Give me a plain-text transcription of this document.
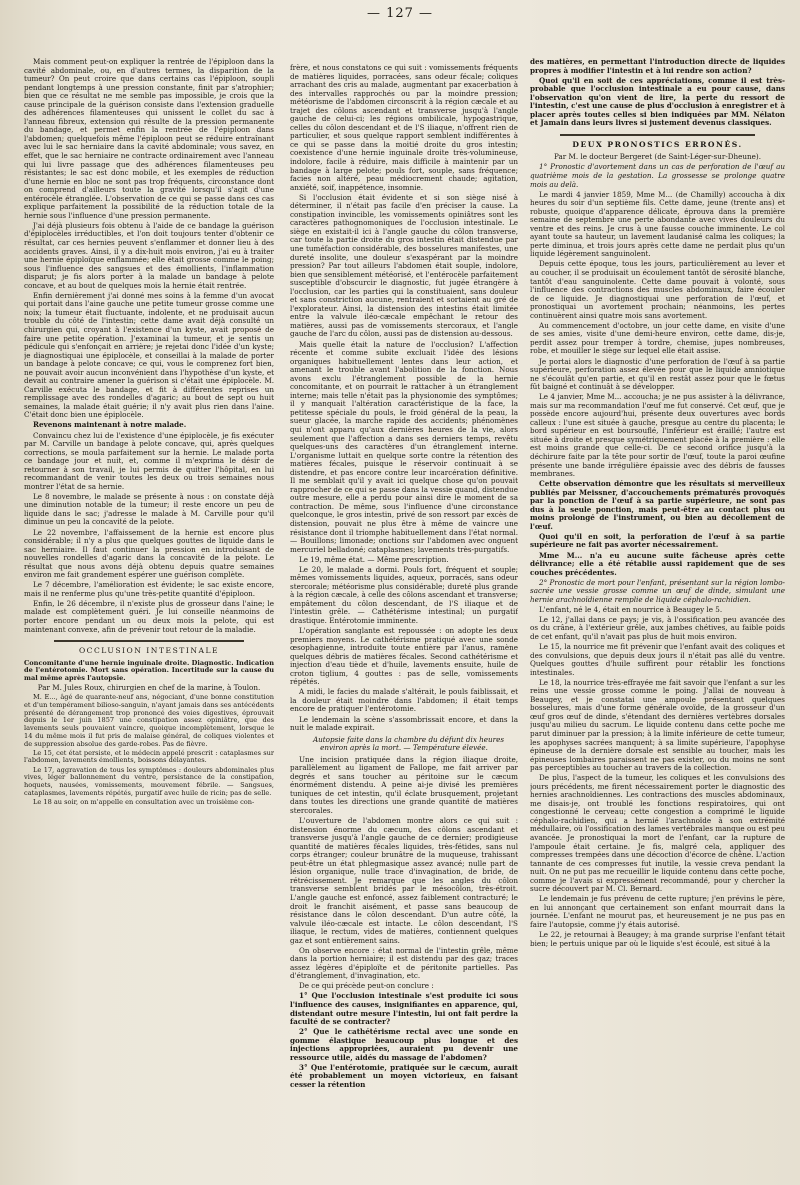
— 127 —

Mais comment peut-on expliquer la rentrée de l'épiploon dans la cavité abdominale, ou, en d'autres termes, la disparition de la tumeur? On peut croire que dans certains cas l'épiploon, soupli pendant longtemps à une pression constante, finit par s'atrophier; bien que ce résultat ne me semble pas impossible, je crois que la cause principale de la guérison consiste dans l'extension graduelle des adhérences filamenteuses qui unissent le collet du sac à l'anneau fibreux, extension qui résulte de la pression permanente du bandage, et permet enfin la rentrée de l'épiploon dans l'abdomen; quelquefois même l'épiploon peut se réduire entraînant avec lui le sac herniaire dans la cavité abdominale; vous savez, en effet, que le sac herniaire ne contracte ordinairement avec l'anneau qui lui livre passage que des adhérences filamenteuses peu résistantes; le sac est donc mobile, et les exemples de réduction d'une hernie en bloc ne sont pas trop fréquents, circonstance dont on comprend d'ailleurs toute la gravité lorsqu'il s'agit d'une entérocèle étranglée. L'observation de ce qui se passe dans ces cas explique parfaitement la possibilité de la réduction totale de la hernie sous l'influence d'une pression permanente.

J'ai déjà plusieurs fois obtenu à l'aide de ce bandage la guérison d'épiplocèles irréductibles, et l'on doit toujours tenter d'obtenir ce résultat, car ces hernies peuvent s'enflammer et donner lieu à des accidents graves. Ainsi, il y a dix-huit mois environ, j'ai eu à traiter une hernie épiploïque enflammée; elle était grosse comme le poing; sous l'influence des sangsues et des émollients, l'inflammation disparut; je fis alors porter à la malade un bandage à pelote concave, et au bout de quelques mois la hernie était rentrée.

Enfin dernièrement j'ai donné mes soins à la femme d'un avocat qui portait dans l'aine gauche une petite tumeur grosse comme une noix; la tumeur était fluctuante, indolente, et ne produisait aucun trouble du côté de l'intestin; cette dame avait déjà consulté un chirurgien qui, croyant à l'existence d'un kyste, avait proposé de faire une petite opération. J'examinai la tumeur, et je sentis un pédicule qui s'enfonçait en arrière; je rejetai donc l'idée d'un kyste; je diagnostiquai une épiplocèle, et conseillai à la malade de porter un bandage à pelote concave; ce qui, vous le comprenez fort bien, ne pouvait avoir aucun inconvénient dans l'hypothèse d'un kyste, et devait au contraire amener la guérison si c'était une épiplocèle. M. Carville exécuta le bandage, et fit à différentes reprises un remplissage avec des rondelles d'agaric; au bout de sept ou huit semaines, la malade était guérie; il n'y avait plus rien dans l'aine. C'était donc bien une épiplocèle.

Revenons maintenant à notre malade.

Convaincu chez lui de l'existence d'une épiplocèle, je fis exécuter par M. Carville un bandage à pelote concave, qui, après quelques corrections, se moula parfaitement sur la hernie. Le malade porta ce bandage jour et nuit, et, comme il m'exprima le désir de retourner à son travail, je lui permis de quitter l'hôpital, en lui recommandant de venir toutes les deux ou trois semaines nous montrer l'état de sa hernie.

Le 8 novembre, le malade se présente à nous : on constate déjà une diminution notable de la tumeur; il reste encore un peu de liquide dans le sac; j'adresse le malade à M. Carville pour qu'il diminue un peu la concavité de la pelote.

Le 22 novembre, l'affaissement de la hernie est encore plus considérable; il n'y a plus que quelques gouttes de liquide dans le sac herniaire. Il faut continuer la pression en introduisant de nouvelles rondelles d'agaric dans la concavité de la pelote. Le résultat que nous avons déjà obtenu depuis quatre semaines environ me fait grandement espérer une guérison complète.

Le 7 décembre, l'amélioration est évidente; le sac existe encore, mais il ne renferme plus qu'une très-petite quantité d'épiploon.

Enfin, le 26 décembre, il n'existe plus de grosseur dans l'aine; le malade est complètement guéri. Je lui conseille néanmoins de porter encore pendant un ou deux mois la pelote, qui est maintenant convexe, afin de prévenir tout retour de la maladie.

OCCLUSION INTESTINALE

Concomitante d'une hernie inguinale droite. Diagnostic. Indication de l'entérotomie. Mort sans opération. Incertitude sur la cause du mal même après l'autopsie.

Par M. Jules Roux, chirurgien en chef de la marine, à Toulon.

M. E..., âgé de quarante-neuf ans, négociant, d'une bonne constitution et d'un tempérament bilioso-sanguin, n'ayant jamais dans ses antécédents présenté de dérangement trop prononcé des voies digestives, éprouvait depuis le 1er juin 1857 une constipation assez opiniâtre, que des lavements seuls pouvaient vaincre, quoique incomplètement, lorsque le 14 du même mois il fut pris de malaise général, de coliques violentes et de suppression absolue des garde-robes. Pas de fièvre.

Le 15, cet état persiste, et le médecin appelé prescrit : cataplasmes sur l'abdomen, lavements émollients, boissons délayantes.

Le 17, aggravation de tous les symptômes : douleurs abdominales plus vives, léger ballonnement du ventre, persistance de la constipation, hoquets, nausées, vomissements, mouvement fébrile. — Sangsues, cataplasmes, lavements répétés, purgatif avec huile de ricin; pas de selle.

Le 18 au soir, on m'appelle en consultation avec un troisième con-

frère, et nous constatons ce qui suit : vomissements fréquents de matières liquides, porracées, sans odeur fécale; coliques arrachant des cris au malade, augmentant par exacerbation à des intervalles rapprochés ou par la moindre pression; météorisme de l'abdomen circonscrit à la région cæcale et au trajet des côlons ascendant et transverse jusqu'à l'angle gauche de celui-ci; les régions ombilicale, hypogastrique, celles du côlon descendant et de l'S iliaque, n'offrent rien de particulier, et sous quelque rapport semblent indifférentes à ce qui se passe dans la moitié droite du gros intestin; coexistence d'une hernie inguinale droite très-volumineuse, indolore, facile à réduire, mais difficile à maintenir par un bandage à large pelote; pouls fort, souple, sans fréquence; facies non altéré, peau médiocrement chaude; agitation, anxiété, soif, inappétence, insomnie.

Si l'occlusion était évidente et si son siège nisé à déterminer, il n'était pas facile d'en préciser la cause. La constipation invincible, les vomissements opiniâtres sont les caractères pathognomoniques de l'occlusion intestinale. Le siège en existait-il ici à l'angle gauche du côlon transverse, car toute la partie droite du gros intestin était distendue par une tuméfaction considérable, des bosselures manifestes, une dureté insolite, une douleur s'exaspérant par la moindre pression? Par tout ailleurs l'abdomen était souple, indolore, bien que sensiblement météorisé, et l'entérocèle parfaitement susceptible d'obscurcir le diagnostic, fut jugée étrangère à l'occlusion, car les parties qui la constituaient, sans douleur et sans constriction aucune, rentraient et sortaient au gré de l'explorateur. Ainsi, la distension des intestins était limitée entre la valvule iléo-cæcale empêchant le retour des matières, aussi pas de vomissements stercoraux, et l'angle gauche de l'arc du côlon, aussi pas de distension au-dessous.

Mais quelle était la nature de l'occlusion? L'affection récente et comme subite excluait l'idée des lésions organiques habituellement lentes dans leur action, et amenant le trouble avant l'abolition de la fonction. Nous avons exclu l'étranglement possible de la hernie concomitante, et on pourrait le rattacher à un étranglement interne; mais telle n'était pas la physionomie des symptômes; il y manquait l'altération caractéristique de la face, la petitesse spéciale du pouls, le froid général de la peau, la sueur glacée, la marche rapide des accidents; phénomènes qui n'ont apparu qu'aux dernières heures de la vie, alors seulement que l'affection a dans ses derniers temps, revêtu quelques-uns des caractères d'un étranglement interne. L'organisme luttait en quelque sorte contre la rétention des matières fécales, puisque le réservoir continuait à se distendre, et pas encore contre leur incarcération définitive. Il me semblait qu'il y avait ici quelque chose qu'on pouvait rapprocher de ce qui se passe dans la vessie quand, distendue outre mesure, elle a perdu pour ainsi dire le moment de sa contraction. De même, sous l'influence d'une circonstance quelconque, le gros intestin, privé de son ressort par excès de distension, pouvait ne plus être à même de vaincre une résistance dont il triomphe habituellement dans l'état normal. — Bouillons; limonade; onctions sur l'abdomen avec onguent mercuriel belladoné; cataplasmes; lavements très-purgatifs.

Le 19, même état. — Même prescription.

Le 20, le malade a dormi. Pouls fort, fréquent et souple; mêmes vomissements liquides, aqueux, porracés, sans odeur stercorale; météorisme plus considérable; dureté plus grande à la région cæcale, à celle des côlons ascendant et transverse; empâtement du côlon descendant, de l'S iliaque et de l'intestin grêle. — Cathétérisme intestinal; un purgatif drastique. Entérotomie imminente.

L'opération sanglante est repoussée : on adopte les deux premiers moyens. Le cathétérisme pratiqué avec une sonde œsophagienne, introduite toute entière par l'anus, ramène quelques débris de matières fécales. Second cathétérisme et injection d'eau tiède et d'huile, lavements ensuite, huile de croton tiglium, 4 gouttes : pas de selle, vomissements répétés.

A midi, le facies du malade s'altérait, le pouls faiblissait, et la douleur était moindre dans l'abdomen; il était temps encore de pratiquer l'entérotomie.

Le lendemain la scène s'assombrissait encore, et dans la nuit le malade expirait.

Autopsie faite dans la chambre du défunt dix heures environ après la mort. — Température élevée.

Une incision pratiquée dans la région iliaque droite, parallèlement au ligament de Fallope, me fait arriver par degrés et sans toucher au péritoine sur le cæcum énormément distendu. A peine ai-je divisé les premières tuniques de cet intestin, qu'il éclate brusquement, projetant dans toutes les directions une grande quantité de matières stercorales.

L'ouverture de l'abdomen montre alors ce qui suit : distension énorme du cæcum, des côlons ascendant et transverse jusqu'à l'angle gauche de ce dernier; prodigieuse quantité de matières fécales liquides, très-fétides, sans nul corps étranger; couleur brunâtre de la muqueuse, trahissant peut-être un état phlegmasique assez avancé; nulle part de lésion organique, nulle trace d'invagination, de bride, de rétrécissement. Je remarque que les angles du côlon transverse semblent bridés par le mésocôlon, très-étroit. L'angle gauche est enfoncé, assez faiblement contracturé; le droit le franchit aisément, et passe sans beaucoup de résistance dans le côlon descendant. D'un autre côté, la valvule iléo-cæcale est intacte. Le côlon descendant, l'S iliaque, le rectum, vides de matières, contiennent quelques gaz et sont entièrement sains.

On observe encore : état normal de l'intestin grêle, même dans la portion herniaire; il est distendu par des gaz; traces assez légères d'épiploïte et de péritonite partielles. Pas d'étranglement, d'invagination, etc.

De ce qui précède peut-on conclure :

1° Que l'occlusion intestinale s'est produite ici sous l'influence des causes, insignifiantes en apparence, qui, distendant outre mesure l'intestin, lui ont fait perdre la faculté de se contracter?

2° Que le cathétérisme rectal avec une sonde en gomme élastique beaucoup plus longue et des injections appropriées, auraient pu devenir une ressource utile, aidés du massage de l'abdomen?

3° Que l'entérotomie, pratiquée sur le cæcum, aurait été probablement un moyen victorieux, en faisant cesser la rétention

des matières, en permettant l'introduction directe de liquides propres à modifier l'intestin et à lui rendre son action?

Quoi qu'il en soit de ces appréciations, comme il est très-probable que l'occlusion intestinale a eu pour cause, dans l'observation qu'on vient de lire, la perte du ressort de l'intestin, c'est une cause de plus d'occlusion à enregistrer et à placer après toutes celles si bien indiquées par MM. Nélaton et Jamain dans leurs livres si justement devenus classiques.

DEUX PRONOSTICS ERRONÉS.

Par M. le docteur Bergeret (de Saint-Léger-sur-Dheune).

1° Pronostic d'avortement dans un cas de perforation de l'œuf au quatrième mois de la gestation. La grossesse se prolonge quatre mois au delà.

Le mardi 4 janvier 1859, Mme M... (de Chamilly) accoucha à dix heures du soir d'un septième fils. Cette dame, jeune (trente ans) et robuste, quoique d'apparence délicate, éprouva dans la première semaine de septembre une perte abondante avec vives douleurs du ventre et des reins. Je crus à une fausse couche imminente. Le col ayant toute sa hauteur, un lavement laudanisé calma les coliques; la perte diminua, et trois jours après cette dame ne perdait plus qu'un liquide légèrement sanguinolent.

Depuis cette époque, tous les jours, particulièrement au lever et au coucher, il se produisait un écoulement tantôt de sérosité blanche, tantôt d'eau sanguinolente. Cette dame pouvait à volonté, sous l'influence des contractions des muscles abdominaux, faire écouler de ce liquide. Je diagnostiquai une perforation de l'œuf, et pronostiquai un avortement prochain; néanmoins, les pertes continuèrent ainsi quatre mois sans avortement.

Au commencement d'octobre, un jour cette dame, en visite d'une de ses amies, visite d'une demi-heure environ, cette dame, dis-je, perdit assez pour tremper à tordre, chemise, jupes nombreuses, robe, et mouiller le siège sur lequel elle était assise.

Je portai alors le diagnostic d'une perforation de l'œuf à sa partie supérieure, perforation assez élevée pour que le liquide amniotique ne s'écoulât qu'en partie, et qu'il en restât assez pour que le fœtus fût baigné et continuât à se développer.

Le 4 janvier, Mme M... accoucha; je ne pus assister à la délivrance, mais sur ma recommandation l'œuf me fut conservé. Cet œuf, que je possède encore aujourd'hui, présente deux ouvertures avec bords calleux : l'une est située à gauche, presque au centre du placenta; le bord supérieur en est boursouflé, l'inférieur est éraillé; l'autre est située à droite et presque symétriquement placée à la première : elle est moins grande que celle-ci. De ce second orifice jusqu'à la déchirure faite par la tête pour sortir de l'œuf, toute la paroi œufine présente une bande irrégulière épaissie avec des débris de fausses membranes.

Cette observation démontre que les résultats si merveilleux publiés par Meissner, d'accouchements prématurés provoqués par la ponction de l'œuf à sa partie supérieure, ne sont pas dus à la seule ponction, mais peut-être au contact plus ou moins prolongé de l'instrument, ou bien au décollement de l'œuf.

Quoi qu'il en soit, la perforation de l'œuf à sa partie supérieure ne fait pas avorter nécessairement.

Mme M... n'a eu aucune suite fâcheuse après cette délivrance; elle a été rétablie aussi rapidement que de ses couches précédentes.

2° Pronostic de mort pour l'enfant, présentant sur la région lombo-sacrée une vessie grosse comme un œuf de dinde, simulant une hernie arachnoïdienne remplie de liquide céphalo-rachidien.

L'enfant, né le 4, était en nourrice à Beaugey le 5.

Le 12, j'allai dans ce pays; je vis, à l'ossification peu avancée des os du crâne, à l'extérieur grêle, aux jambes chétives, au faible poids de cet enfant, qu'il n'avait pas plus de huit mois environ.

Le 15, la nourrice me fit prévenir que l'enfant avait des coliques et des convulsions, que depuis deux jours il n'était pas allé du ventre. Quelques gouttes d'huile suffirent pour rétablir les fonctions intestinales.

Le 18, la nourrice très-effrayée me fait savoir que l'enfant a sur les reins une vessie grosse comme le poing. J'allai de nouveau à Beaugey, et je constatai une ampoule présentant quelques bosselures, mais d'une forme générale ovoïde, de la grosseur d'un œuf gros œuf de dinde, s'étendant des dernières vertèbres dorsales jusqu'au milieu du sacrum. Le liquide contenu dans cette poche me parut diminuer par la pression; à la limite inférieure de cette tumeur, les apophyses sacrées manquent; à sa limite supérieure, l'apophyse épineuse de la dernière dorsale est sensible au toucher, mais les épineuses lombaires paraissent ne pas exister, ou du moins ne sont pas perceptibles au toucher au travers de la collection.

De plus, l'aspect de la tumeur, les coliques et les convulsions des jours précédents, me firent nécessairement porter le diagnostic des hernies arachnoïdiennes. Les contractions des muscles abdominaux, me disais-je, ont troublé les fonctions respiratoires, qui ont congestionné le cerveau; cette congestion a comprimé le liquide céphalo-rachidien, qui a hernié l'arachnoïde à son extrémité médullaire, où l'ossification des lames vertébrales manque ou est peu avancée. Je pronostiquai la mort de l'enfant, car la rupture de l'ampoule était certaine. Je fis, malgré cela, appliquer des compresses trempées dans une décoction d'écorce de chêne. L'action tannante de ces compresses fut inutile, la vessie creva pendant la nuit. On ne put pas me recueillir le liquide contenu dans cette poche, comme je l'avais si expressément recommandé, pour y chercher la sucre découvert par M. Cl. Bernard.

Le lendemain je fus prévenu de cette rupture; j'en prévins le père, en lui annonçant que certainement son enfant mourrait dans la journée. L'enfant ne mourut pas, et heureusement je ne pus pas en faire l'autopsie, comme j'y étais autorisé.

Le 22, je retournai à Beaugey; à ma grande surprise l'enfant tétait bien; le pertuis unique par où le liquide s'est écoulé, est situé à la
